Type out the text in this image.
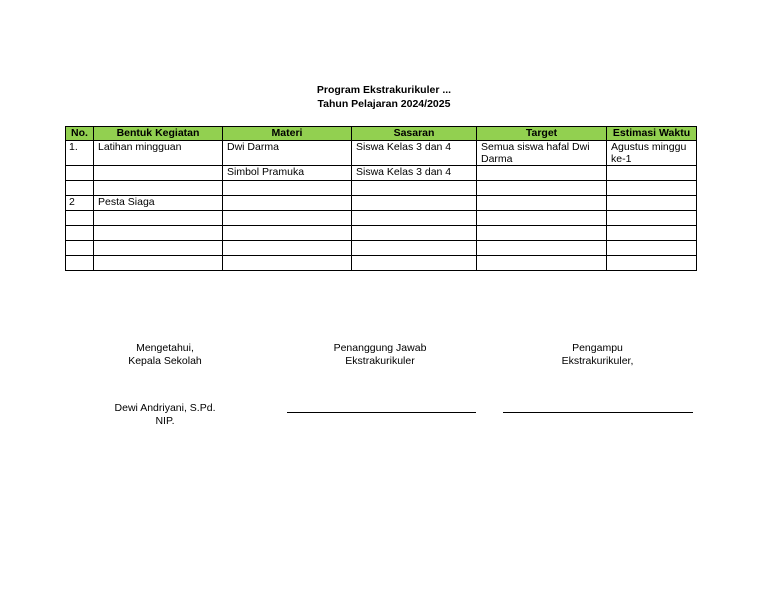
Program Ekstrakurikuler ...
Tahun Pelajaran 2024/2025
No.	Bentuk Kegiatan	Materi	Sasaran	Target	Estimasi Waktu
1.	Latihan mingguan	Dwi Darma	Siswa Kelas 3 dan 4	Semua siswa hafal Dwi Darma	Agustus minggu ke-1
		Simbol Pramuka	Siswa Kelas 3 dan 4		

2	Pesta Siaga				

Mengetahui,
Kepala Sekolah
Penanggung Jawab
Ekstrakurikuler
Pengampu
Ekstrakurikuler,
Dewi Andriyani, S.Pd.
NIP.
